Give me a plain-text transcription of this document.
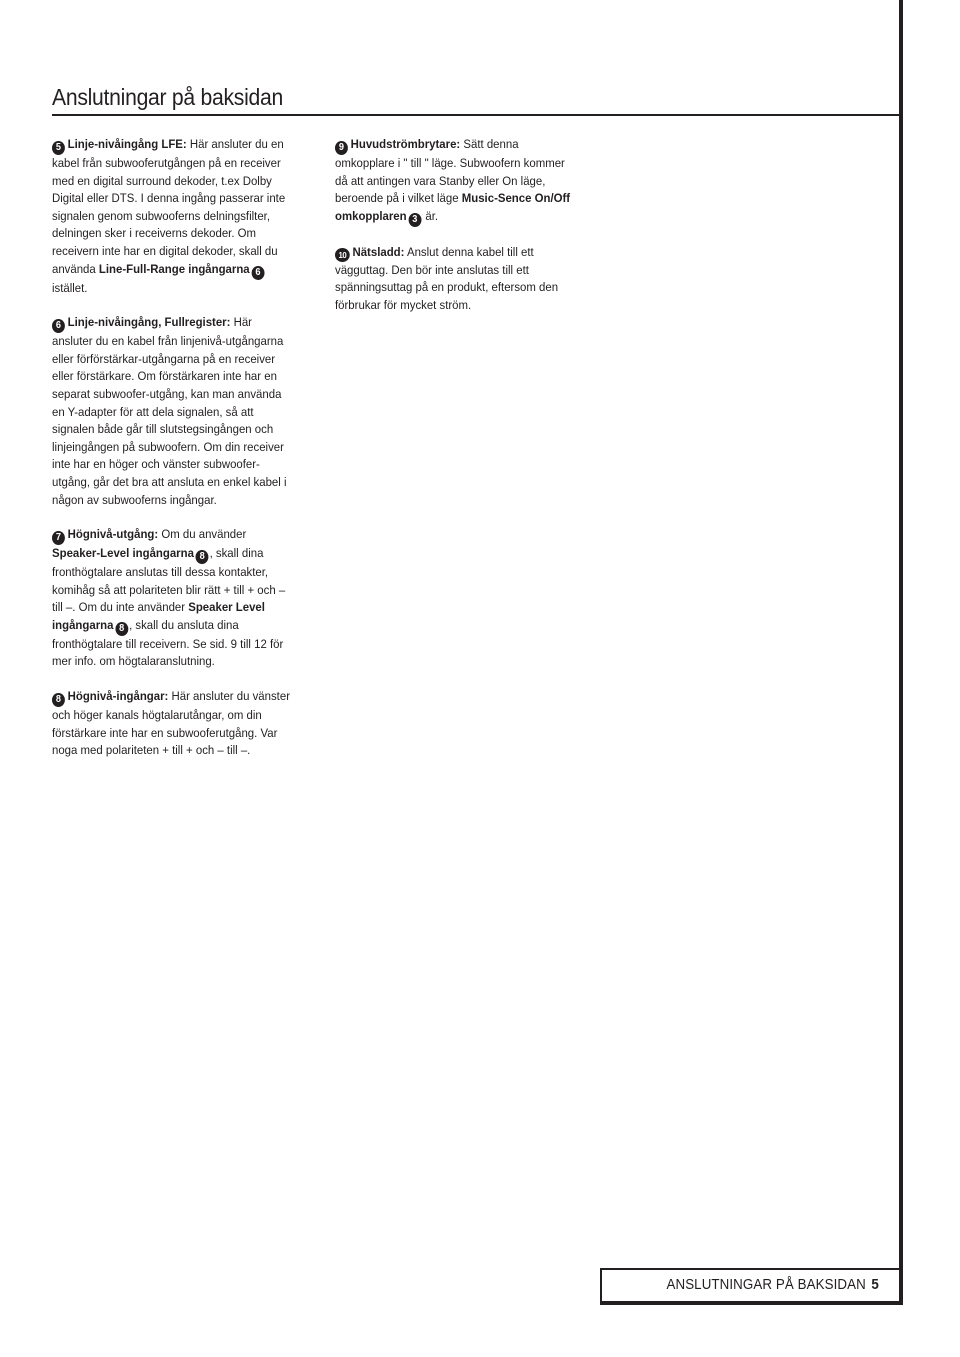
Anslutningar på baksidan

5 Linje-nivåingång LFE: Här ansluter du en kabel från subwooferutgången på en receiver med en digital surround dekoder, t.ex Dolby Digital eller DTS. I denna ingång passerar inte signalen genom subwooferns delningsfilter, delningen sker i receiverns dekoder. Om receivern inte har en digital dekoder, skall du använda Line-Full-Range ingångarna 6 istället.

6 Linje-nivåingång, Fullregister: Här ansluter du en kabel från linjenivå-utgångarna eller förförstärkar-utgångarna på en receiver eller förstärkare. Om förstärkaren inte har en separat subwoofer-utgång, kan man använda en Y-adapter för att dela signalen, så att signalen både går till slutstegsingången och linjeingången på subwoofern. Om din receiver inte har en höger och vänster subwoofer-utgång, går det bra att ansluta en enkel kabel i någon av subwooferns ingångar.

7 Högnivå-utgång: Om du använder Speaker-Level ingångarna 8 , skall dina fronthögtalare anslutas till dessa kontakter, komihåg så att polariteten blir rätt + till + och – till –. Om du inte använder Speaker Level ingångarna 8 , skall du ansluta dina fronthögtalare till receivern. Se sid. 9 till 12 för mer info. om högtalaranslutning.

8 Högnivå-ingångar: Här ansluter du vänster och höger kanals högtalarutångar, om din förstärkare inte har en subwooferutgång. Var noga med polariteten + till + och – till –.

9 Huvudströmbrytare: Sätt denna omkopplare i " till " läge. Subwoofern kommer då att antingen vara Stanby eller On läge, beroende på i vilket läge Music-Sence On/Off omkopplaren 3 är.

10 Nätsladd: Anslut denna kabel till ett vägguttag. Den bör inte anslutas till ett spänningsuttag på en produkt, eftersom den förbrukar för mycket ström.

ANSLUTNINGAR PÅ BAKSIDAN 5
